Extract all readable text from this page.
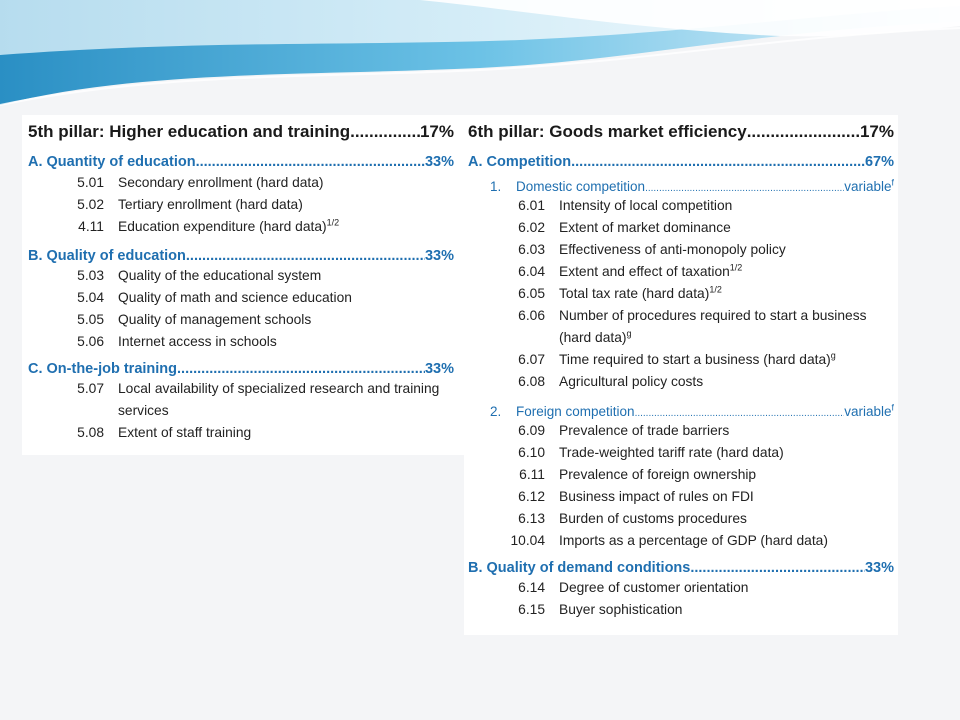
5th pillar: Higher education and training .....	17%
A. Quantity of education .....	33%
5.01	Secondary enrollment (hard data)
5.02	Tertiary enrollment (hard data)
4.11	Education expenditure (hard data)$^{1/2}$
B. Quality of education .....	33%
5.03	Quality of the educational system
5.04	Quality of math and science education
5.05	Quality of management schools
5.06	Internet access in schools
C. On-the-job training .....	33%
5.07	Local availability of specialized research and training services
5.08	Extent of staff training
6th pillar: Goods market efficiency .....	17%
A. Competition .....	67%
1.	Domestic competition .....	variable$^f$
6.01	Intensity of local competition
6.02	Extent of market dominance
6.03	Effectiveness of anti-monopoly policy
6.04	Extent and effect of taxation$^{1/2}$
6.05	Total tax rate (hard data)$^{1/2}$
6.06	Number of procedures required to start a business (hard data)$^g$
6.07	Time required to start a business (hard data)$^g$
6.08	Agricultural policy costs
2.	Foreign competition .....	variable$^f$
6.09	Prevalence of trade barriers
6.10	Trade-weighted tariff rate (hard data)
6.11	Prevalence of foreign ownership
6.12	Business impact of rules on FDI
6.13	Burden of customs procedures
10.04	Imports as a percentage of GDP (hard data)
B. Quality of demand conditions .....	33%
6.14	Degree of customer orientation
6.15	Buyer sophistication
